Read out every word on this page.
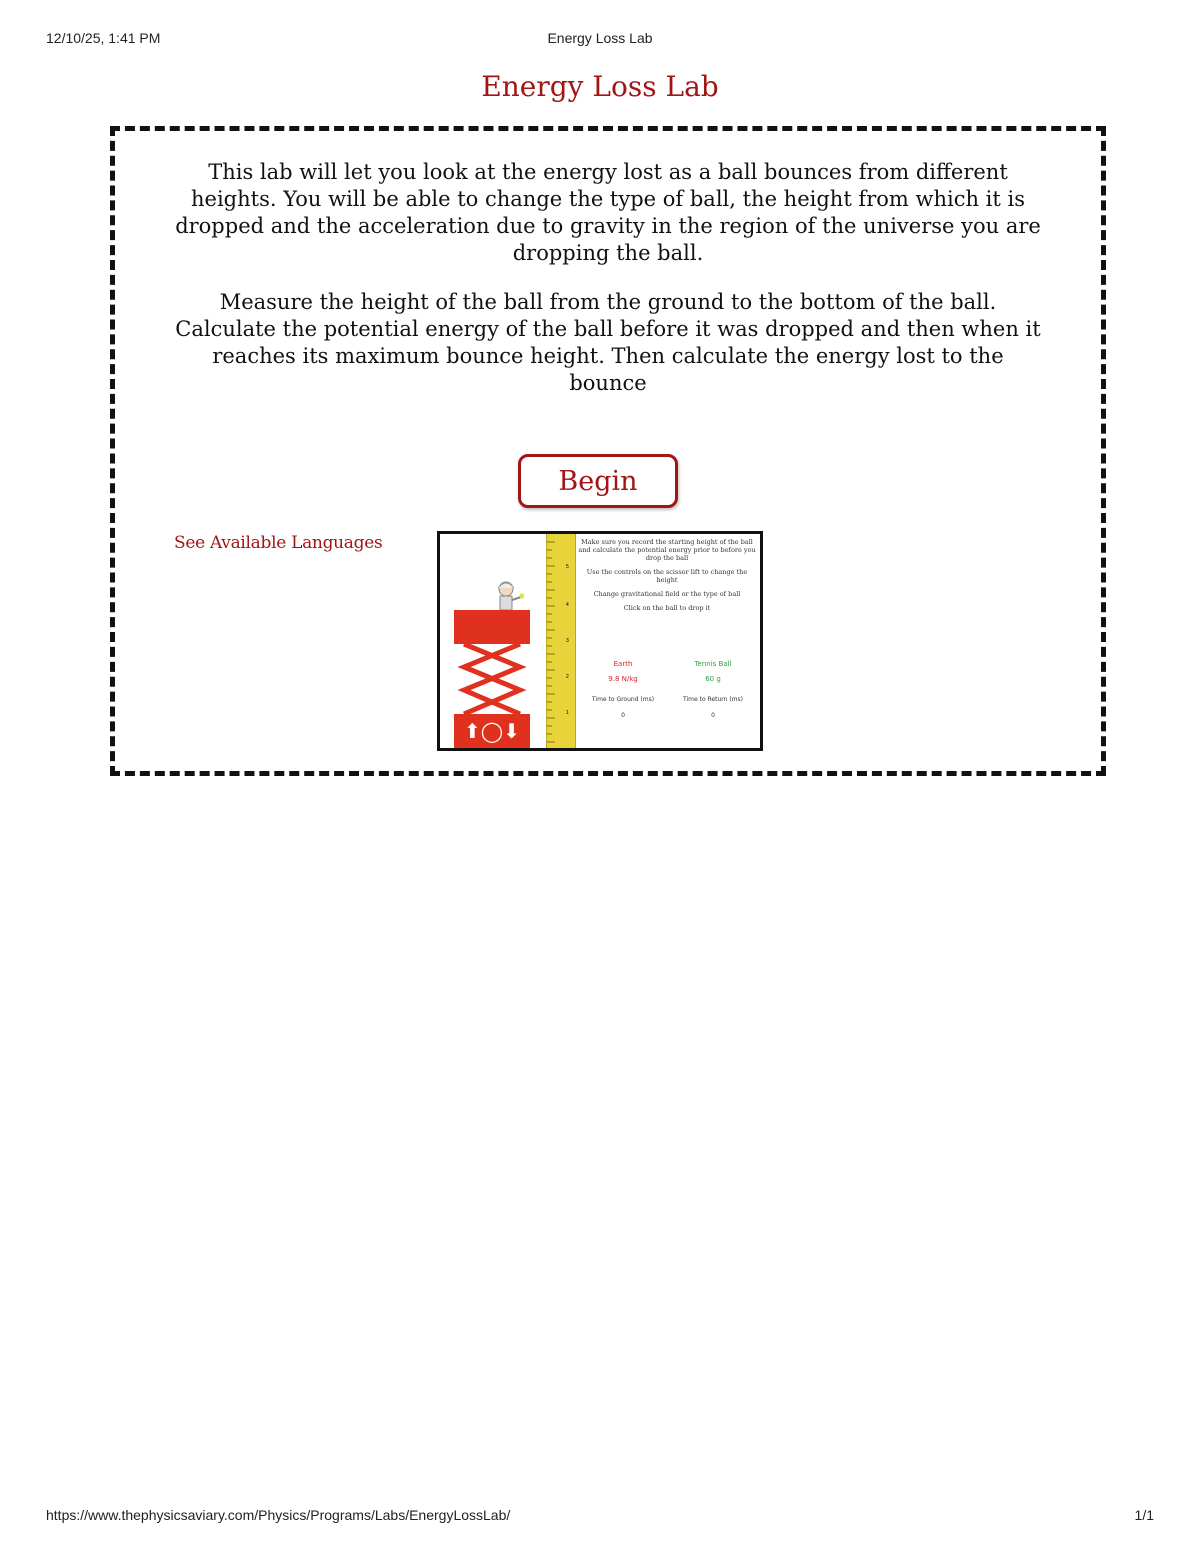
12/10/25, 1:41 PM	Energy Loss Lab
Energy Loss Lab

This lab will let you look at the energy lost as a ball bounces from different heights. You will be able to change the type of ball, the height from which it is dropped and the acceleration due to gravity in the region of the universe you are dropping the ball.

Measure the height of the ball from the ground to the bottom of the ball. Calculate the potential energy of the ball before it was dropped and then when it reaches its maximum bounce height. Then calculate the energy lost to the bounce

Begin
See Available Languages
⬆◯⬇
5
4
3
2
1

Make sure you record the starting height of the ball and calculate the potential energy prior to before you drop the ball

Use the controls on the scissor lift to change the height

Change gravitational field or the type of ball

Click on the ball to drop it

Earth	Tennis Ball
9.8 N/kg	60 g
Time to Ground (ms)	Time to Return (ms)
0	0
https://www.thephysicsaviary.com/Physics/Programs/Labs/EnergyLossLab/	1/1
